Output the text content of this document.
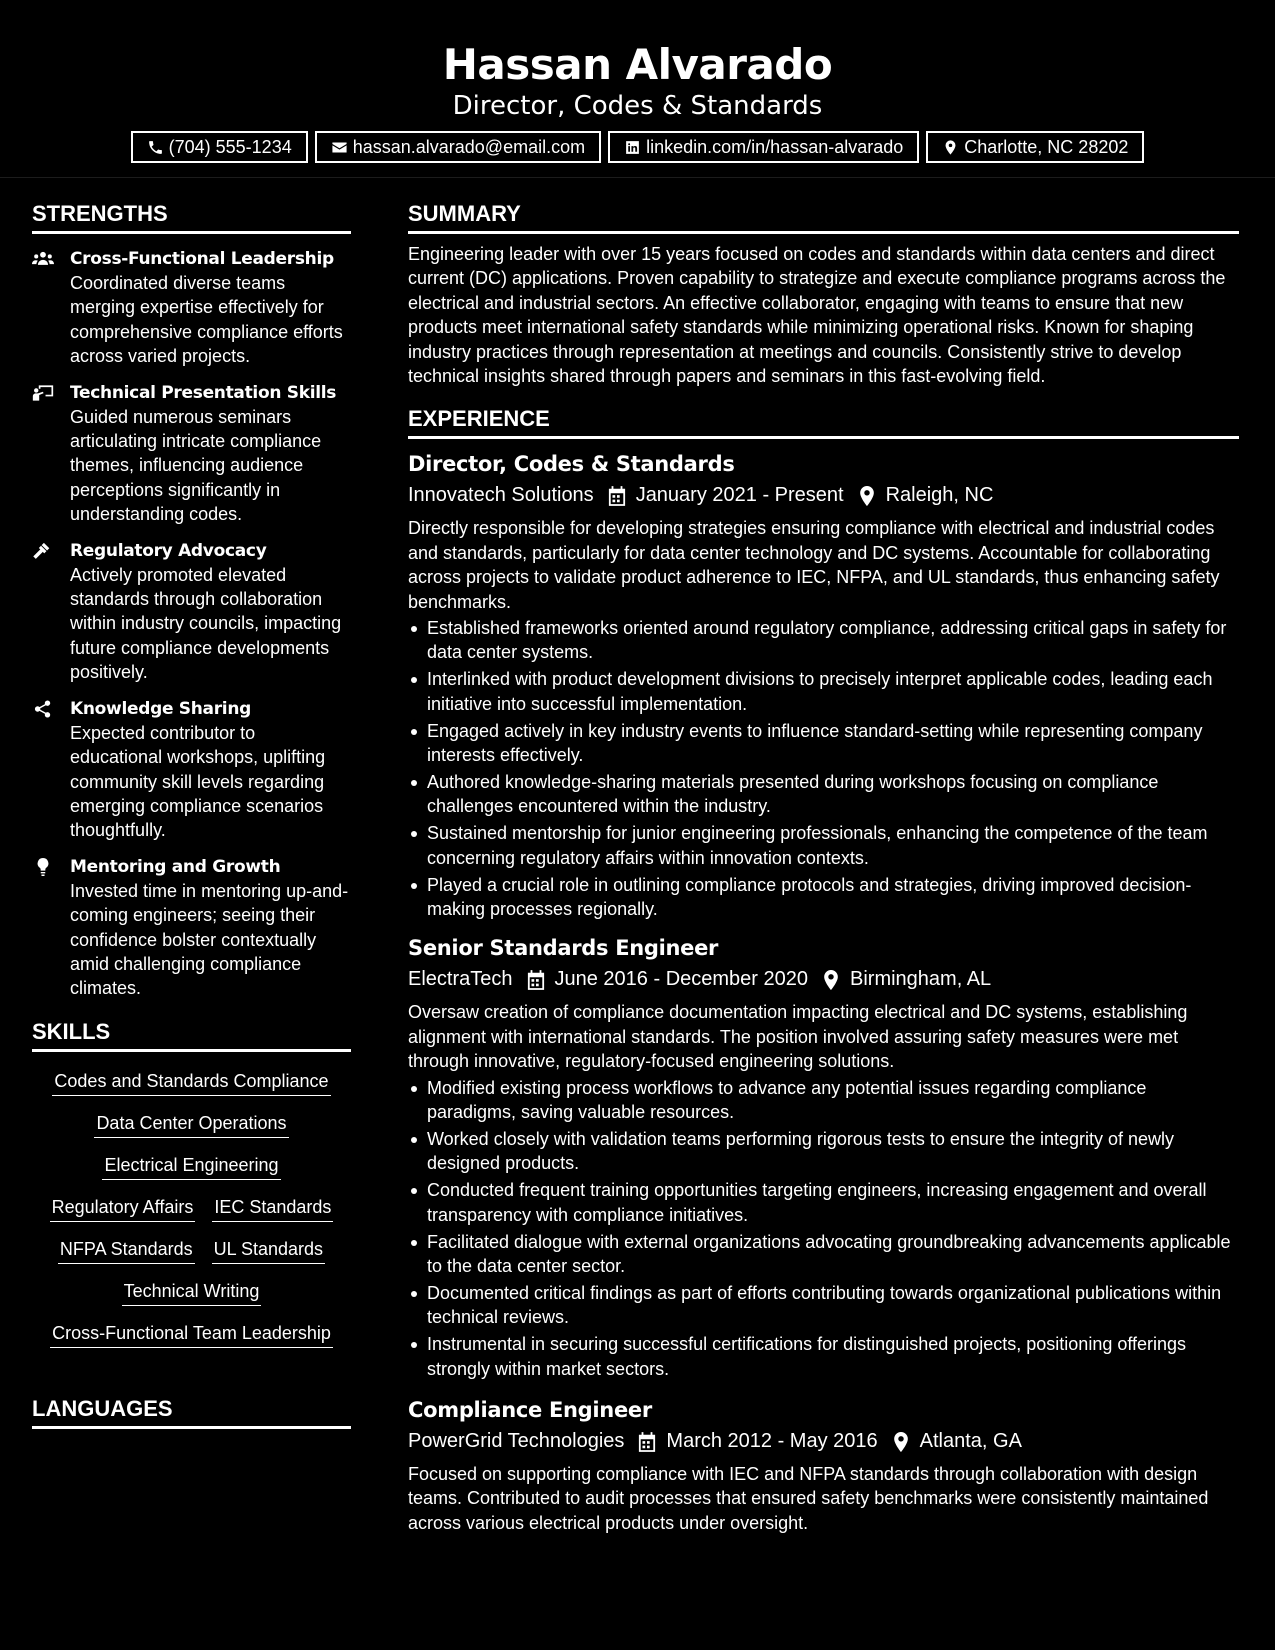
Hassan Alvarado
Director, Codes & Standards
(704) 555-1234	hassan.alvarado@email.com	linkedin.com/in/hassan-alvarado	Charlotte, NC 28202
STRENGTHS
Cross-Functional Leadership
Coordinated diverse teams merging expertise effectively for comprehensive compliance efforts across varied projects.
Technical Presentation Skills
Guided numerous seminars articulating intricate compliance themes, influencing audience perceptions significantly in understanding codes.
Regulatory Advocacy
Actively promoted elevated standards through collaboration within industry councils, impacting future compliance developments positively.
Knowledge Sharing
Expected contributor to educational workshops, uplifting community skill levels regarding emerging compliance scenarios thoughtfully.
Mentoring and Growth
Invested time in mentoring up-and-coming engineers; seeing their confidence bolster contextually amid challenging compliance climates.
SKILLS
Codes and Standards Compliance
Data Center Operations
Electrical Engineering
Regulatory Affairs IEC Standards
NFPA Standards UL Standards
Technical Writing
Cross-Functional Team Leadership
LANGUAGES
SUMMARY
Engineering leader with over 15 years focused on codes and standards within data centers and direct current (DC) applications. Proven capability to strategize and execute compliance programs across the electrical and industrial sectors. An effective collaborator, engaging with teams to ensure that new products meet international safety standards while minimizing operational risks. Known for shaping industry practices through representation at meetings and councils. Consistently strive to develop technical insights shared through papers and seminars in this fast-evolving field.
EXPERIENCE
Director, Codes & Standards
Innovatech Solutions January 2021 - Present Raleigh, NC
Directly responsible for developing strategies ensuring compliance with electrical and industrial codes and standards, particularly for data center technology and DC systems. Accountable for collaborating across projects to validate product adherence to IEC, NFPA, and UL standards, thus enhancing safety benchmarks.
Established frameworks oriented around regulatory compliance, addressing critical gaps in safety for data center systems.
Interlinked with product development divisions to precisely interpret applicable codes, leading each initiative into successful implementation.
Engaged actively in key industry events to influence standard-setting while representing company interests effectively.
Authored knowledge-sharing materials presented during workshops focusing on compliance challenges encountered within the industry.
Sustained mentorship for junior engineering professionals, enhancing the competence of the team concerning regulatory affairs within innovation contexts.
Played a crucial role in outlining compliance protocols and strategies, driving improved decision-making processes regionally.
Senior Standards Engineer
ElectraTech June 2016 - December 2020 Birmingham, AL
Oversaw creation of compliance documentation impacting electrical and DC systems, establishing alignment with international standards. The position involved assuring safety measures were met through innovative, regulatory-focused engineering solutions.
Modified existing process workflows to advance any potential issues regarding compliance paradigms, saving valuable resources.
Worked closely with validation teams performing rigorous tests to ensure the integrity of newly designed products.
Conducted frequent training opportunities targeting engineers, increasing engagement and overall transparency with compliance initiatives.
Facilitated dialogue with external organizations advocating groundbreaking advancements applicable to the data center sector.
Documented critical findings as part of efforts contributing towards organizational publications within technical reviews.
Instrumental in securing successful certifications for distinguished projects, positioning offerings strongly within market sectors.
Compliance Engineer
PowerGrid Technologies March 2012 - May 2016 Atlanta, GA
Focused on supporting compliance with IEC and NFPA standards through collaboration with design teams. Contributed to audit processes that ensured safety benchmarks were consistently maintained across various electrical products under oversight.
